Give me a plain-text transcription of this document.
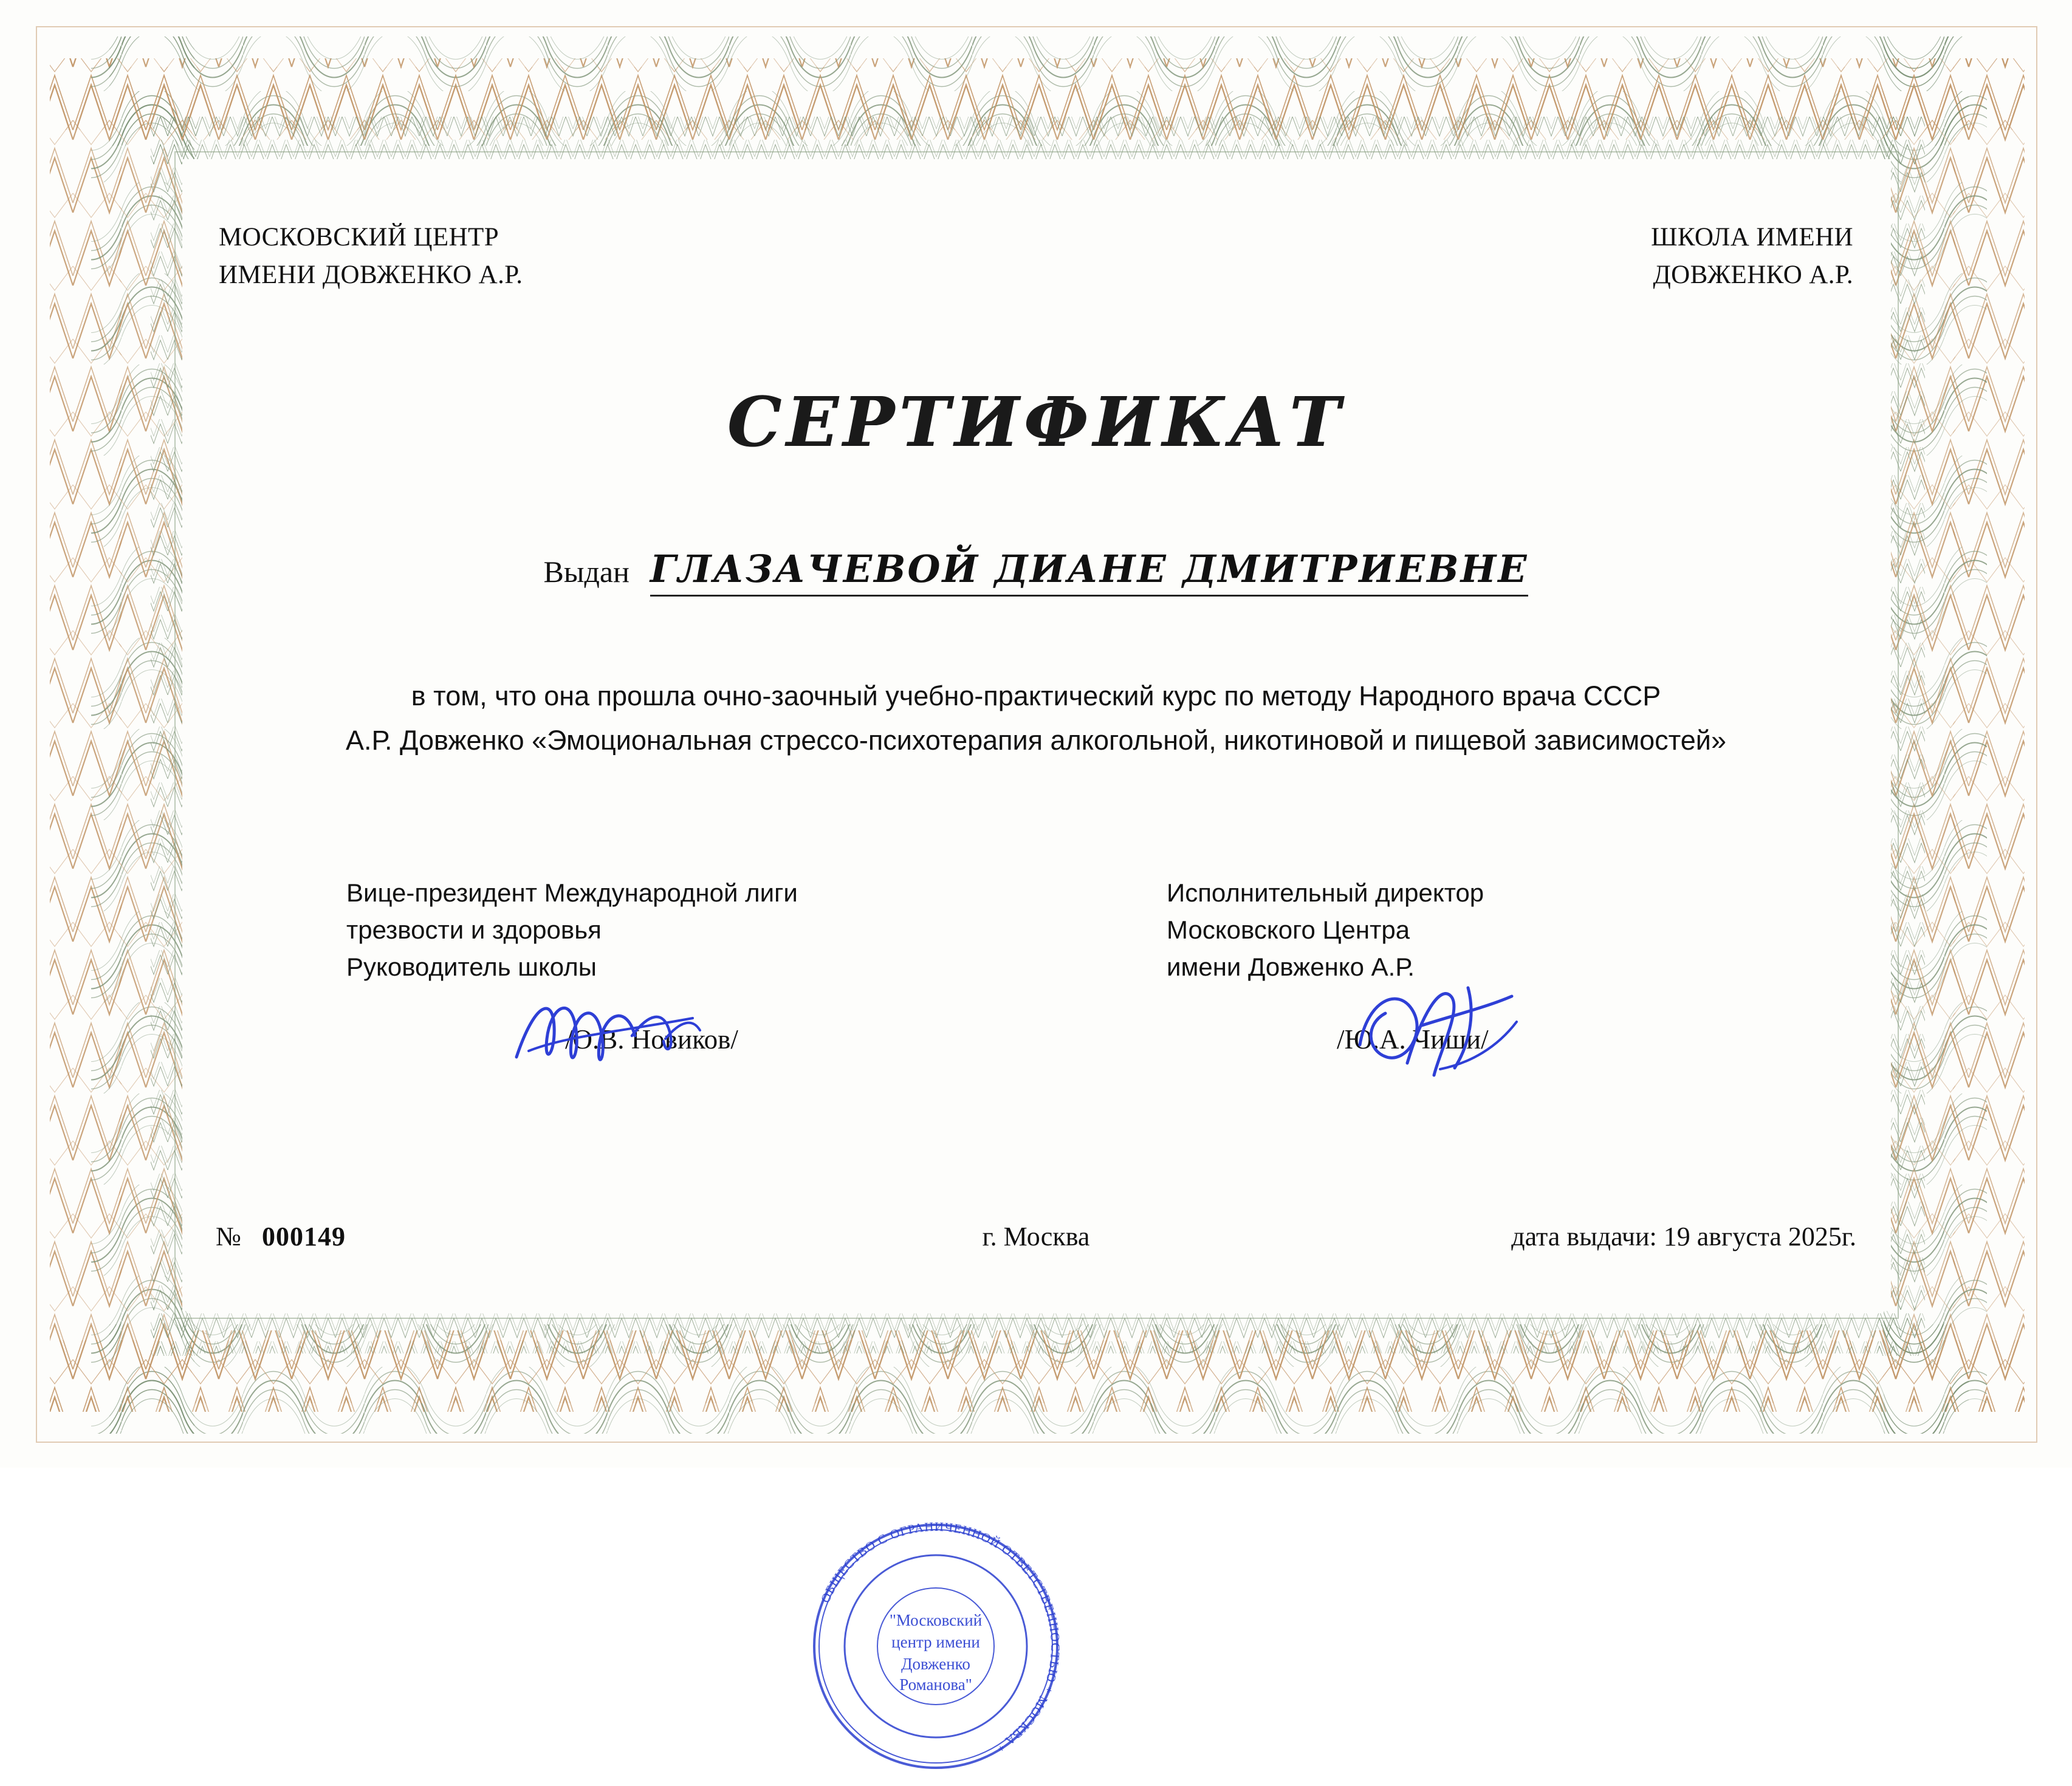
МОСКОВСКИЙ ЦЕНТР
ИМЕНИ ДОВЖЕНКО А.Р.
ШКОЛА ИМЕНИ
ДОВЖЕНКО А.Р.
СЕРТИФИКАТ
Выдан ГЛАЗАЧЕВОЙ ДИАНЕ ДМИТРИЕВНЕ
в том, что она прошла очно-заочный учебно-практический курс по методу Народного врача СССР
А.Р. Довженко «Эмоциональная стрессо-психотерапия алкогольной, никотиновой и пищевой зависимостей»
Вице-президент Международной лиги
трезвости и здоровья
Руководитель школы
/О.В. Новиков/
Исполнительный директор
Московского Центра
имени Довженко А.Р.
/Ю.А. Чиши/
ОБЩЕСТВО С ОГРАНИЧЕННОЙ ОТВЕТСТВЕННОСТЬЮ * МОСКВА *
"Московский
центр имени
Довженко
Романова"
№ 000149	г. Москва	дата выдачи: 19 августа 2025г.
